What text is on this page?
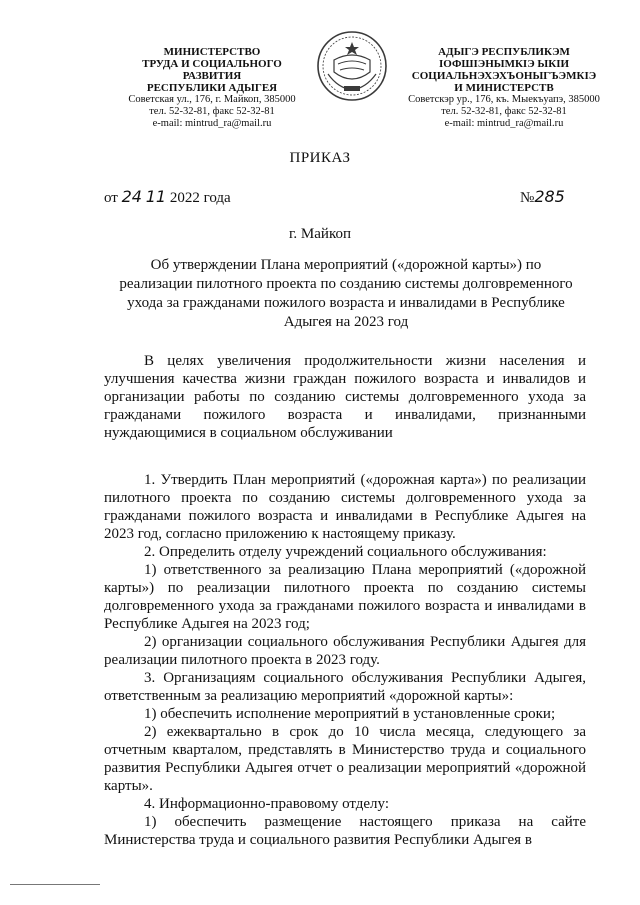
МИНИСТЕРСТВО
ТРУДА И СОЦИАЛЬНОГО
РАЗВИТИЯ
РЕСПУБЛИКИ АДЫГЕЯ
Советская ул., 176, г. Майкоп, 385000
тел. 52-32-81, факс 52-32-81
e-mail: mintrud_ra@mail.ru
АДЫГЭ РЕСПУБЛИКЭМ
IОФШIЭНЫМКIЭ ЫКIИ
СОЦИАЛЬНЭХЭХЪОНЫГЪЭМКIЭ
И МИНИСТЕРСТВ
Советскэр ур., 176, къ. Мыекъуапэ, 385000
тел. 52-32-81, факс 52-32-81
e-mail: mintrud_ra@mail.ru
ПРИКАЗ
от 24 11 2022 года	№285
г. Майкоп
Об утверждении Плана мероприятий («дорожной карты») по реализации пилотного проекта по созданию системы долговременного ухода за гражданами пожилого возраста и инвалидами в Республике Адыгея на 2023 год
В целях увеличения продолжительности жизни населения и улучшения качества жизни граждан пожилого возраста и инвалидов и организации работы по созданию системы долговременного ухода за гражданами пожилого возраста и инвалидами, признанными нуждающимися в социальном обслуживании

1. Утвердить План мероприятий («дорожная карта») по реализации пилотного проекта по созданию системы долговременного ухода за гражданами пожилого возраста и инвалидами в Республике Адыгея на 2023 год, согласно приложению к настоящему приказу.

2. Определить отделу учреждений социального обслуживания:

1) ответственного за реализацию Плана мероприятий («дорожной карты») по реализации пилотного проекта по созданию системы долговременного ухода за гражданами пожилого возраста и инвалидами в Республике Адыгея на 2023 год;

2) организации социального обслуживания Республики Адыгея для реализации пилотного проекта в 2023 году.

3. Организациям социального обслуживания Республики Адыгея, ответственным за реализацию мероприятий «дорожной карты»:

1) обеспечить исполнение мероприятий в установленные сроки;

2) ежеквартально в срок до 10 числа месяца, следующего за отчетным кварталом, представлять в Министерство труда и социального развития Республики Адыгея отчет о реализации мероприятий «дорожной карты».

4. Информационно-правовому отделу:

1) обеспечить размещение настоящего приказа на сайте Министерства труда и социального развития Республики Адыгея в
